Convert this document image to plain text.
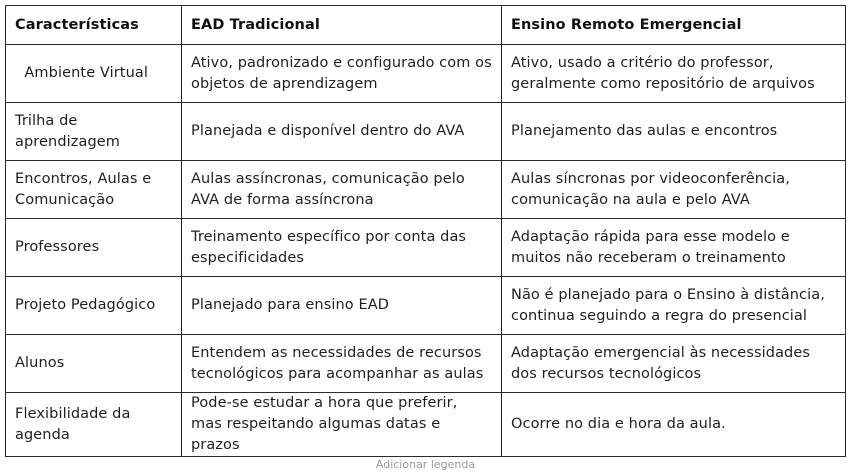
Características	EAD Tradicional	Ensino Remoto Emergencial
Ambiente Virtual	Ativo, padronizado e configurado com os objetos de aprendizagem	Ativo, usado a critério do professor, geralmente como repositório de arquivos
Trilha de aprendizagem	Planejada e disponível dentro do AVA	Planejamento das aulas e encontros
Encontros, Aulas e Comunicação	Aulas assíncronas, comunicação pelo AVA de forma assíncrona	Aulas síncronas por videoconferência, comunicação na aula e pelo AVA
Professores	Treinamento específico por conta das especificidades	Adaptação rápida para esse modelo e muitos não receberam o treinamento
Projeto Pedagógico	Planejado para ensino EAD	Não é planejado para o Ensino à distância, continua seguindo a regra do presencial
Alunos	Entendem as necessidades de recursos tecnológicos para acompanhar as aulas	Adaptação emergencial às necessidades dos recursos tecnológicos
Flexibilidade da agenda	Pode-se estudar a hora que preferir, mas respeitando algumas datas e prazos	Ocorre no dia e hora da aula.
Adicionar legenda
